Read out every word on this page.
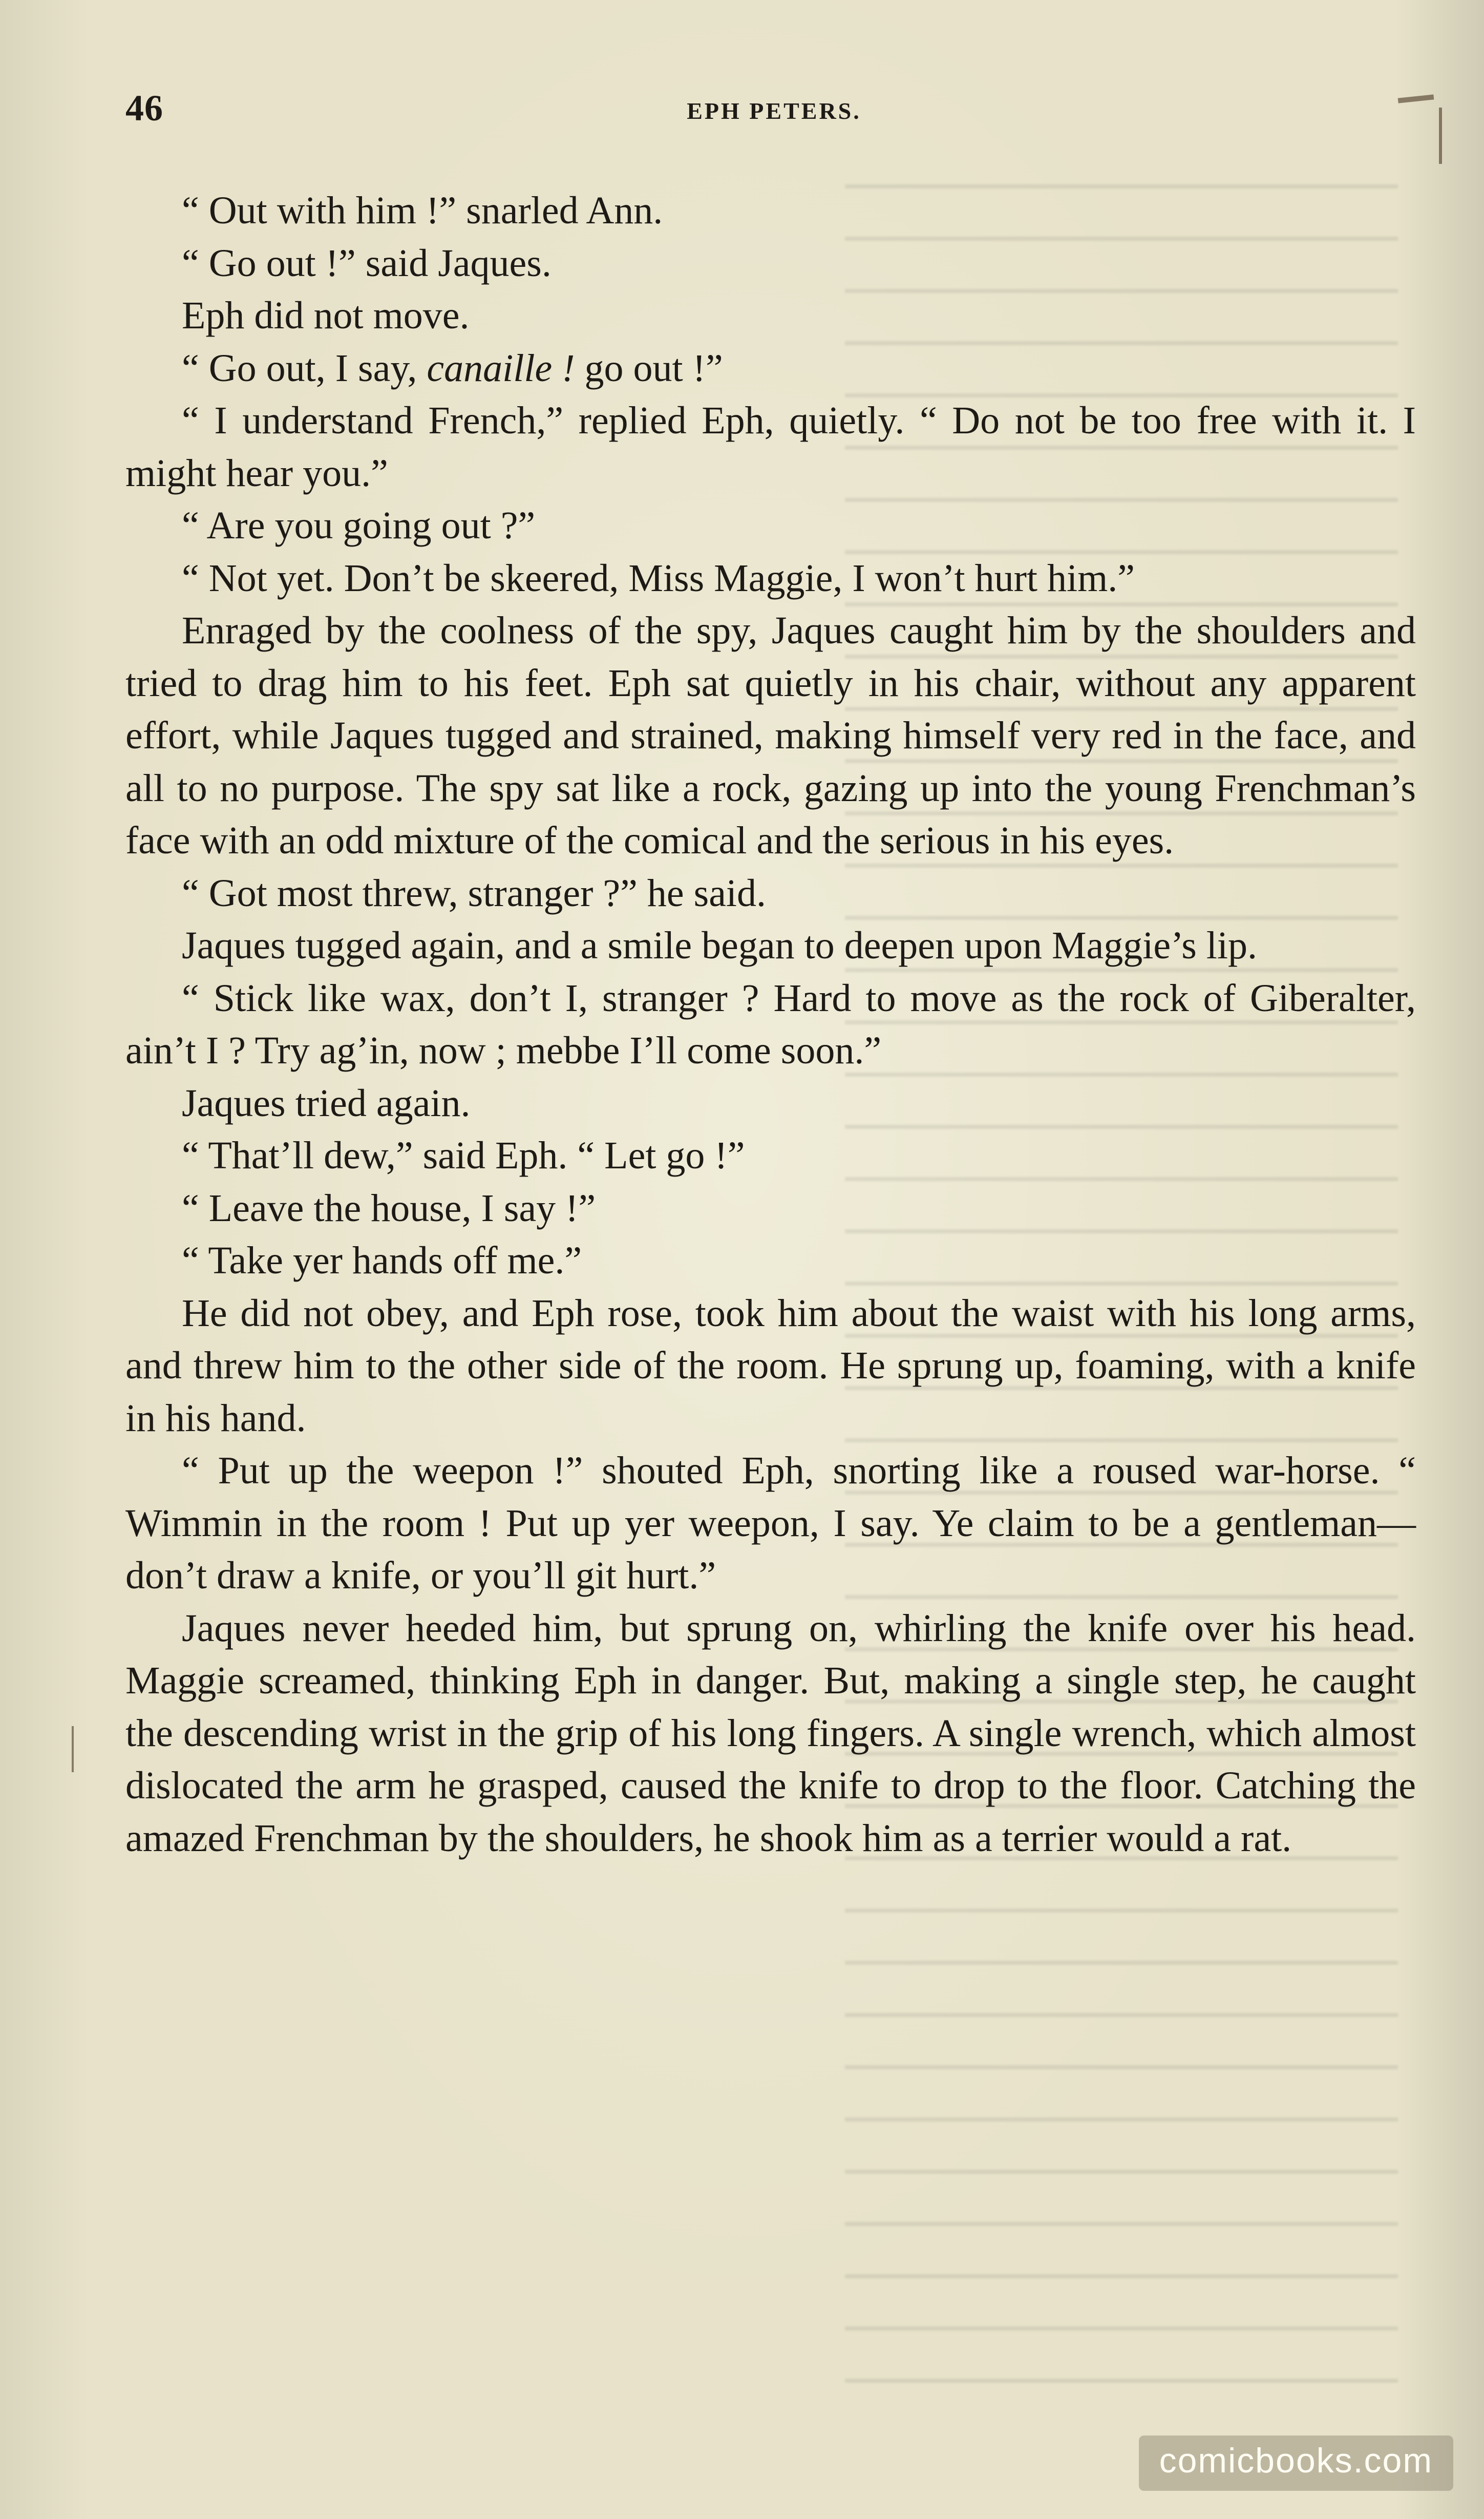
46	EPH PETERS.

“ Out with him !” snarled Ann.

“ Go out !” said Jaques.

Eph did not move.

“ Go out, I say, canaille ! go out !”

“ I understand French,” replied Eph, quietly. “ Do not be too free with it. I might hear you.”

“ Are you going out ?”

“ Not yet. Don’t be skeered, Miss Maggie, I won’t hurt him.”

Enraged by the coolness of the spy, Jaques caught him by the shoulders and tried to drag him to his feet. Eph sat quietly in his chair, without any apparent effort, while Jaques tugged and strained, making himself very red in the face, and all to no purpose. The spy sat like a rock, gazing up into the young Frenchman’s face with an odd mixture of the comical and the serious in his eyes.

“ Got most threw, stranger ?” he said.

Jaques tugged again, and a smile began to deepen upon Maggie’s lip.

“ Stick like wax, don’t I, stranger ? Hard to move as the rock of Giberalter, ain’t I ? Try ag’in, now ; mebbe I’ll come soon.”

Jaques tried again.

“ That’ll dew,” said Eph. “ Let go !”

“ Leave the house, I say !”

“ Take yer hands off me.”

He did not obey, and Eph rose, took him about the waist with his long arms, and threw him to the other side of the room. He sprung up, foaming, with a knife in his hand.

“ Put up the weepon !” shouted Eph, snorting like a roused war-horse. “ Wimmin in the room ! Put up yer weepon, I say. Ye claim to be a gentleman—don’t draw a knife, or you’ll git hurt.”

Jaques never heeded him, but sprung on, whirling the knife over his head. Maggie screamed, thinking Eph in danger. But, making a single step, he caught the descending wrist in the grip of his long fingers. A single wrench, which almost dislocated the arm he grasped, caused the knife to drop to the floor. Catching the amazed Frenchman by the shoulders, he shook him as a terrier would a rat.

comicbooks.com
